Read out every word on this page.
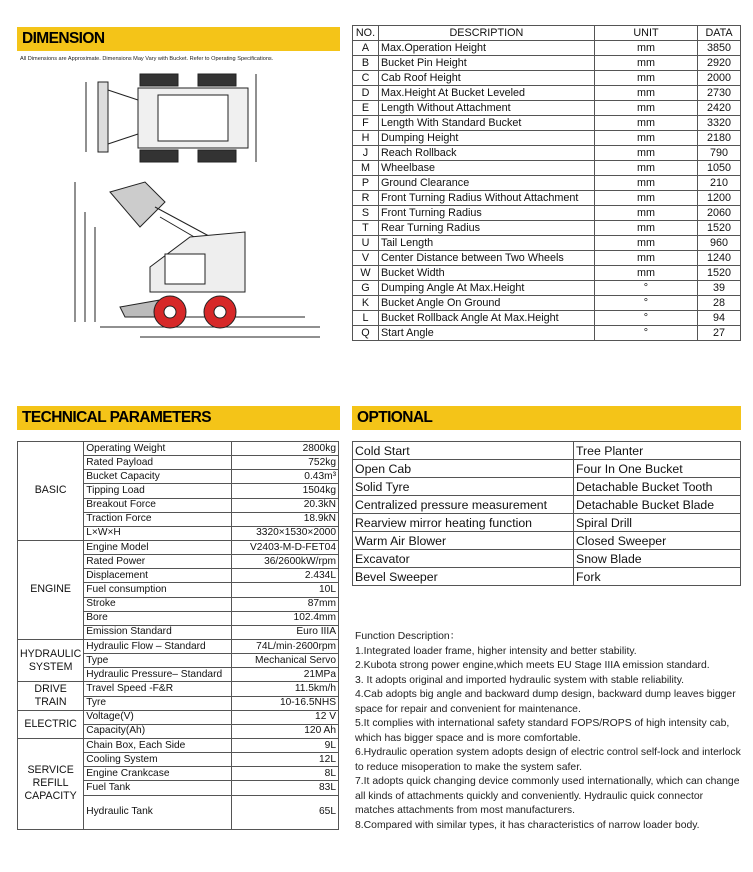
DIMENSION
All Dimensions are Approximate. Dimensions May Vary with Bucket. Refer to Operating Specifications.
NO.	DESCRIPTION	UNIT	DATA
A	Max.Operation Height	mm	3850
B	Bucket Pin Height	mm	2920
C	Cab Roof Height	mm	2000
D	Max.Height At Bucket Leveled	mm	2730
E	Length Without Attachment	mm	2420
F	Length With Standard Bucket	mm	3320
H	Dumping Height	mm	2180
J	Reach Rollback	mm	790
M	Wheelbase	mm	1050
P	Ground Clearance	mm	210
R	Front Turning Radius Without Attachment	mm	1200
S	Front Turning Radius	mm	2060
T	Rear Turning Radius	mm	1520
U	Tail Length	mm	960
V	Center Distance between Two Wheels	mm	1240
W	Bucket Width	mm	1520
G	Dumping Angle At Max.Height	°	39
K	Bucket Angle On Ground	°	28
L	Bucket Rollback Angle At Max.Height	°	94
Q	Start Angle	°	27
TECHNICAL PARAMETERS
BASIC	Operating Weight	2800kg
	Rated Payload	752kg
	Bucket Capacity	0.43m³
	Tipping Load	1504kg
	Breakout Force	20.3kN
	Traction Force	18.9kN
	L×W×H	3320×1530×2000
ENGINE	Engine Model	V2403-M-D-FET04
	Rated Power	36/2600kW/rpm
	Displacement	2.434L
	Fuel consumption	10L
	Stroke	87mm
	Bore	102.4mm
	Emission Standard	Euro IIIA
HYDRAULIC SYSTEM	Hydraulic Flow – Standard	74L/min·2600rpm
	Type	Mechanical Servo
	Hydraulic Pressure– Standard	21MPa
DRIVE TRAIN	Travel Speed -F&R	11.5km/h
	Tyre	10-16.5NHS
ELECTRIC	Voltage(V)	12 V
	Capacity(Ah)	120 Ah
SERVICE REFILL CAPACITY	Chain Box, Each Side	9L
	Cooling System	12L
	Engine Crankcase	8L
	Fuel Tank	83L
	Hydraulic Tank	65L
OPTIONAL
Cold Start	Tree Planter
Open Cab	Four In One Bucket
Solid Tyre	Detachable Bucket Tooth
Centralized pressure measurement	Detachable Bucket Blade
Rearview mirror heating function	Spiral Drill
Warm Air Blower	Closed Sweeper
Excavator	Snow Blade
Bevel Sweeper	Fork

Function Description：

1.Integrated loader frame, higher intensity and better stability.

2.Kubota strong power engine,which meets EU Stage IIIA emission standard.

3. It adopts original and imported hydraulic system with stable reliability.

4.Cab adopts big angle and backward dump design, backward dump leaves bigger space for repair and convenient for maintenance.

5.It complies with international safety standard FOPS/ROPS of high intensity cab, which has bigger space and is more comfortable.

6.Hydraulic operation system adopts design of electric control self-lock and interlock to reduce misoperation to make the system safer.

7.It adopts quick changing device commonly used internationally, which can change all kinds of attachments quickly and conveniently. Hydraulic quick connector matches attachments from most manufacturers.

8.Compared with similar types, it has characteristics of narrow loader body.
